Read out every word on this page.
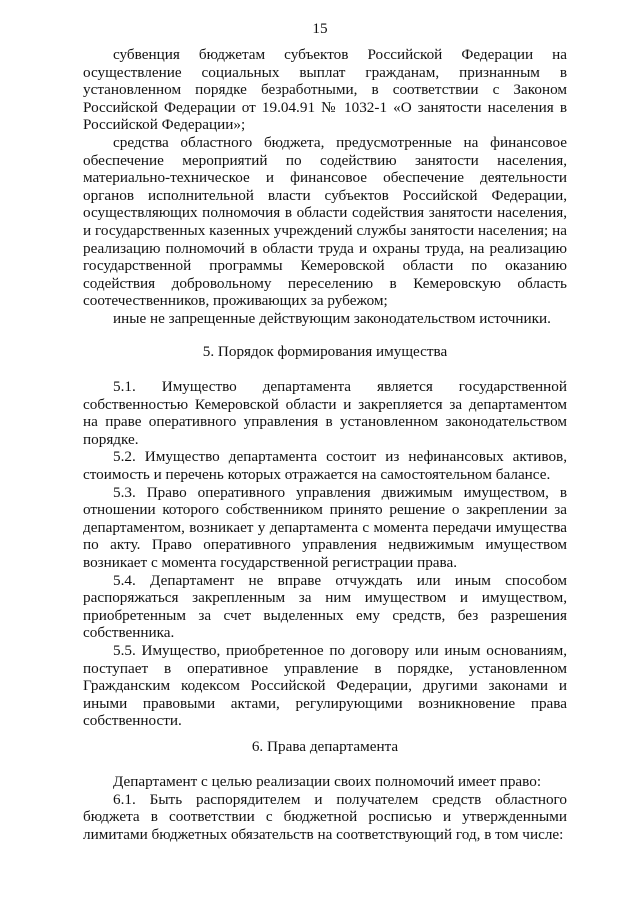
15

субвенция бюджетам субъектов Российской Федерации на осуществление социальных выплат гражданам, признанным в установленном порядке безработными, в соответствии с Законом Российской Федерации от 19.04.91 № 1032-1 «О занятости населения в Российской Федерации»;

средства областного бюджета, предусмотренные на финансовое обеспечение мероприятий по содействию занятости населения, материально-техническое и финансовое обеспечение деятельности органов исполнительной власти субъектов Российской Федерации, осуществляющих полномочия в области содействия занятости населения, и государственных казенных учреждений службы занятости населения; на реализацию полномочий в области труда и охраны труда, на реализацию государственной программы Кемеровской области по оказанию содействия добровольному переселению в Кемеровскую область соотечественников, проживающих за рубежом;

иные не запрещенные действующим законодательством источники.

5. Порядок формирования имущества

5.1. Имущество департамента является государственной собственностью Кемеровской области и закрепляется за департаментом на праве оперативного управления в установленном законодательством порядке.

5.2. Имущество департамента состоит из нефинансовых активов, стоимость и перечень которых отражается на самостоятельном балансе.

5.3. Право оперативного управления движимым имуществом, в отношении которого собственником принято решение о закреплении за департаментом, возникает у департамента с момента передачи имущества по акту. Право оперативного управления недвижимым имуществом возникает с момента государственной регистрации права.

5.4. Департамент не вправе отчуждать или иным способом распоряжаться закрепленным за ним имуществом и имуществом, приобретенным за счет выделенных ему средств, без разрешения собственника.

5.5. Имущество, приобретенное по договору или иным основаниям, поступает в оперативное управление в порядке, установленном Гражданским кодексом Российской Федерации, другими законами и иными правовыми актами, регулирующими возникновение права собственности.

6. Права департамента

Департамент с целью реализации своих полномочий имеет право:

6.1. Быть распорядителем и получателем средств областного бюджета в соответствии с бюджетной росписью и утвержденными лимитами бюджетных обязательств на соответствующий год, в том числе:
